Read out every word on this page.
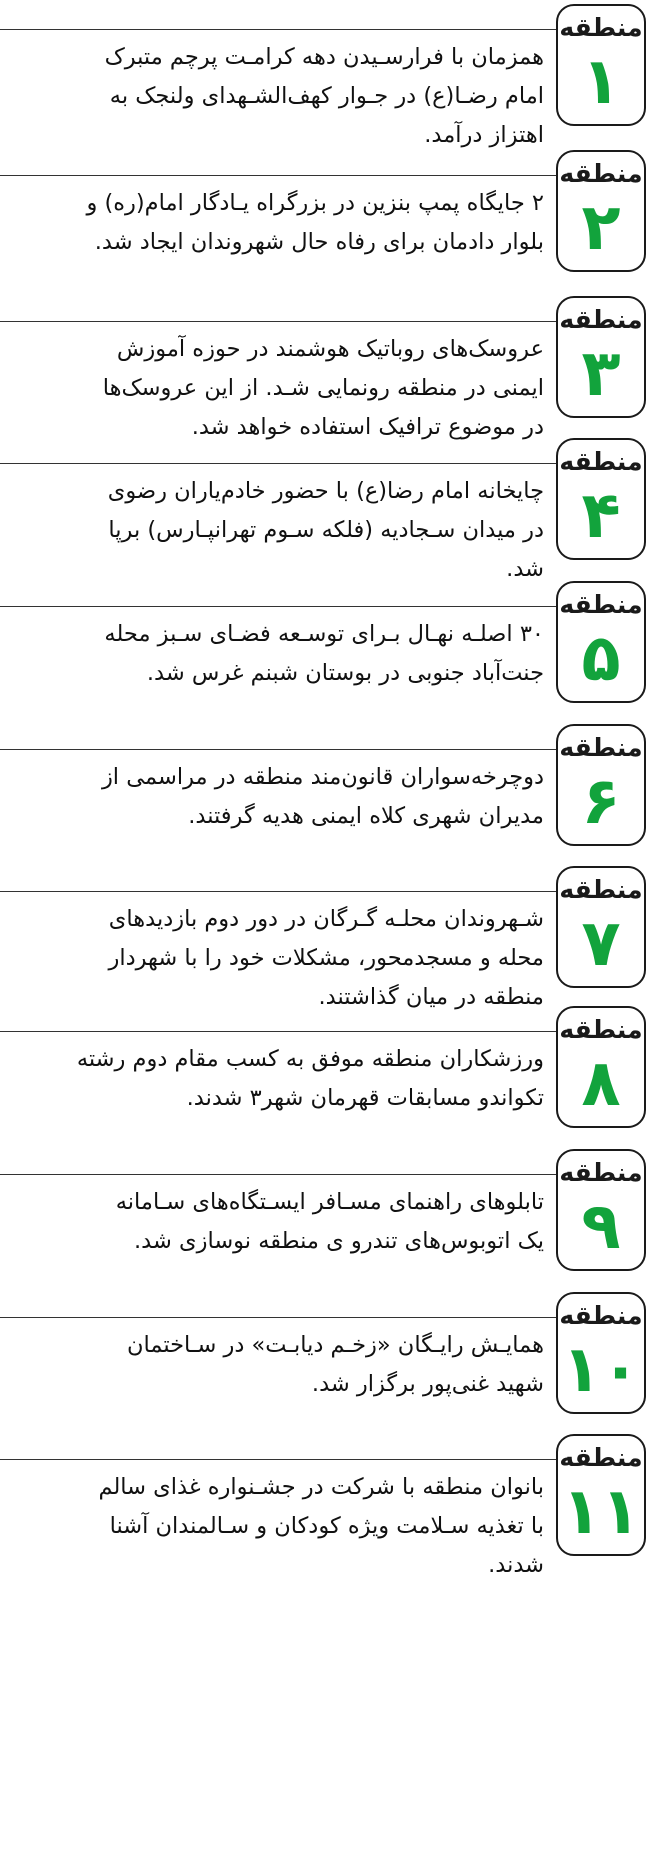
منطقه
۱
همزمان با فرارسـیدن دهه کرامـت پرچم متبرک
امام رضـا(ع) در جـوار کهف‌الشـهدای ولنجک به
اهتزاز درآمد.
منطقه
۲
۲ جایگاه پمپ بنزین در بزرگراه یـادگار امام(ره) و
بلوار دادمان برای رفاه حال شهروندان ایجاد شد.
منطقه
۳
عروسک‌های روباتیک هوشمند در حوزه آموزش
ایمنی در منطقه رونمایی شـد. از این عروسک‌ها
در موضوع ترافیک استفاده خواهد شد.
منطقه
۴
چایخانه امام رضا(ع) با حضور خادم‌یاران رضوی
در میدان سـجادیه (فلکه سـوم تهرانپـارس) برپا
شد.
منطقه
۵
۳۰ اصلـه نهـال بـرای توسـعه فضـای سـبز محله
جنت‌آباد جنوبی در بوستان شبنم غرس شد.
منطقه
۶
دوچرخه‌سواران قانون‌مند منطقه در مراسمی از
مدیران شهری کلاه ایمنی هدیه گرفتند.
منطقه
۷
شـهروندان محلـه گـرگان در دور دوم بازدیدهای
محله و مسجدمحور، مشکلات خود را با شهردار
منطقه در میان گذاشتند.
منطقه
۸
ورزشکاران منطقه موفق به کسب مقام دوم رشته
تکواندو مسابقات قهرمان شهر۳ شدند.
منطقه
۹
تابلوهای راهنمای مسـافر ایسـتگاه‌های سـامانه
یک اتوبوس‌های تندرو ی منطقه نوسازی شد.
منطقه
۱۰
همایـش رایـگان «زخـم دیابـت» در سـاختمان
شهید غنی‌پور برگزار شد.
منطقه
۱۱
بانوان منطقه با شرکت در جشـنواره غذای سالم
با تغذیه سـلامت ویژه کودکان و سـالمندان آشنا
شدند.
